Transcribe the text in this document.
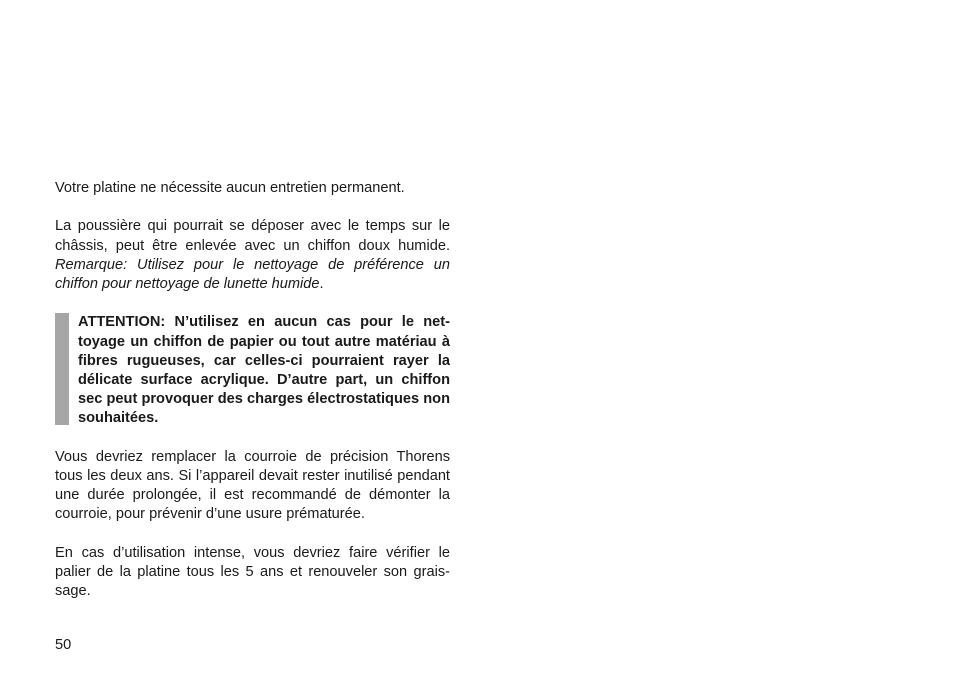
Votre platine ne nécessite aucun entretien permanent.

La poussière qui pourrait se déposer avec le temps sur le châssis, peut être enlevée avec un chiffon doux humide. Remarque: Utilisez pour le nettoyage de préférence un chiffon pour nettoyage de lunette humide.

ATTENTION: N’utilisez en aucun cas pour le nettoyage un chiffon de papier ou tout autre matériau à fibres rugueuses, car celles-ci pourraient rayer la délicate surface acrylique. D’autre part, un chiffon sec peut provoquer des charges électrostatiques non souhaitées.

Vous devriez remplacer la courroie de précision Thorens tous les deux ans. Si l’appareil devait rester inutilisé pendant une durée prolongée, il est recommandé de démonter la courroie, pour prévenir d’une usure prématurée.

En cas d’utilisation intense, vous devriez faire vérifier le palier de la platine tous les 5 ans et renouveler son graissage.

50
